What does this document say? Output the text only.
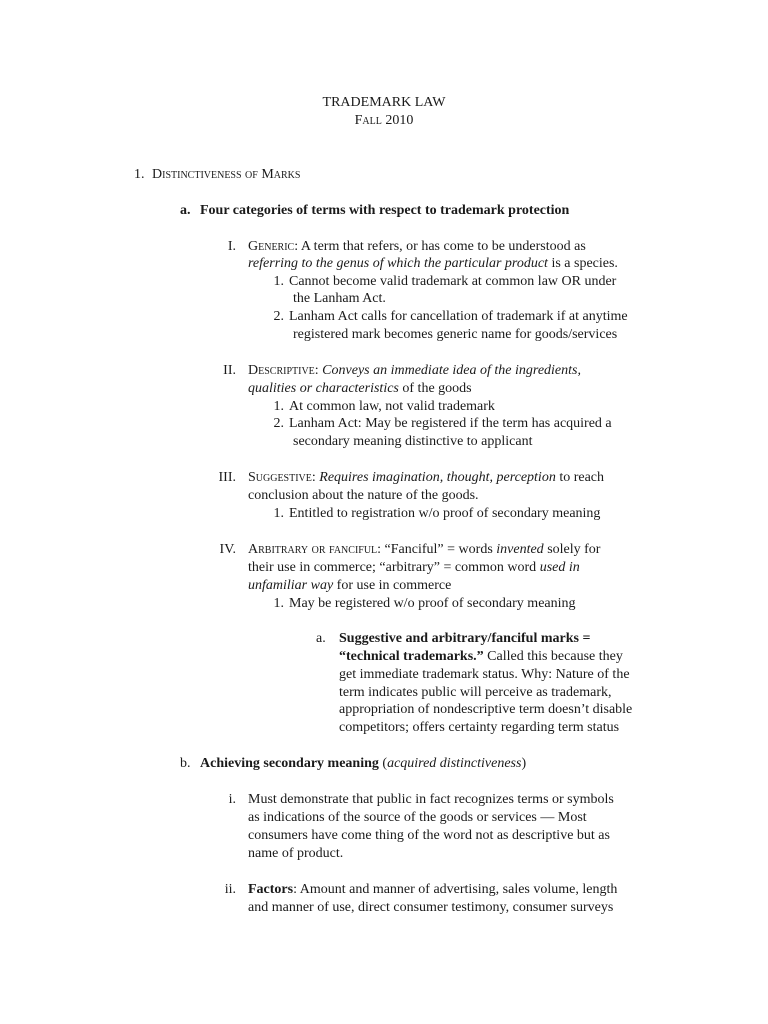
TRADEMARK LAW
Fall 2010
1. Distinctiveness of Marks
a. Four categories of terms with respect to trademark protection
I. Generic: A term that refers, or has come to be understood as
referring to the genus of which the particular product is a species.
1. Cannot become valid trademark at common law OR under
the Lanham Act.
2. Lanham Act calls for cancellation of trademark if at anytime
registered mark becomes generic name for goods/services
II. Descriptive: Conveys an immediate idea of the ingredients,
qualities or characteristics of the goods
1. At common law, not valid trademark
2. Lanham Act: May be registered if the term has acquired a
secondary meaning distinctive to applicant
III. Suggestive: Requires imagination, thought, perception to reach
conclusion about the nature of the goods.
1. Entitled to registration w/o proof of secondary meaning
IV. Arbitrary or fanciful: “Fanciful” = words invented solely for
their use in commerce; “arbitrary” = common word used in
unfamiliar way for use in commerce
1. May be registered w/o proof of secondary meaning
a. Suggestive and arbitrary/fanciful marks =
“technical trademarks.” Called this because they
get immediate trademark status. Why: Nature of the
term indicates public will perceive as trademark,
appropriation of nondescriptive term doesn’t disable
competitors; offers certainty regarding term status
b. Achieving secondary meaning (acquired distinctiveness)
i. Must demonstrate that public in fact recognizes terms or symbols
as indications of the source of the goods or services — Most
consumers have come thing of the word not as descriptive but as
name of product.
ii. Factors: Amount and manner of advertising, sales volume, length
and manner of use, direct consumer testimony, consumer surveys
